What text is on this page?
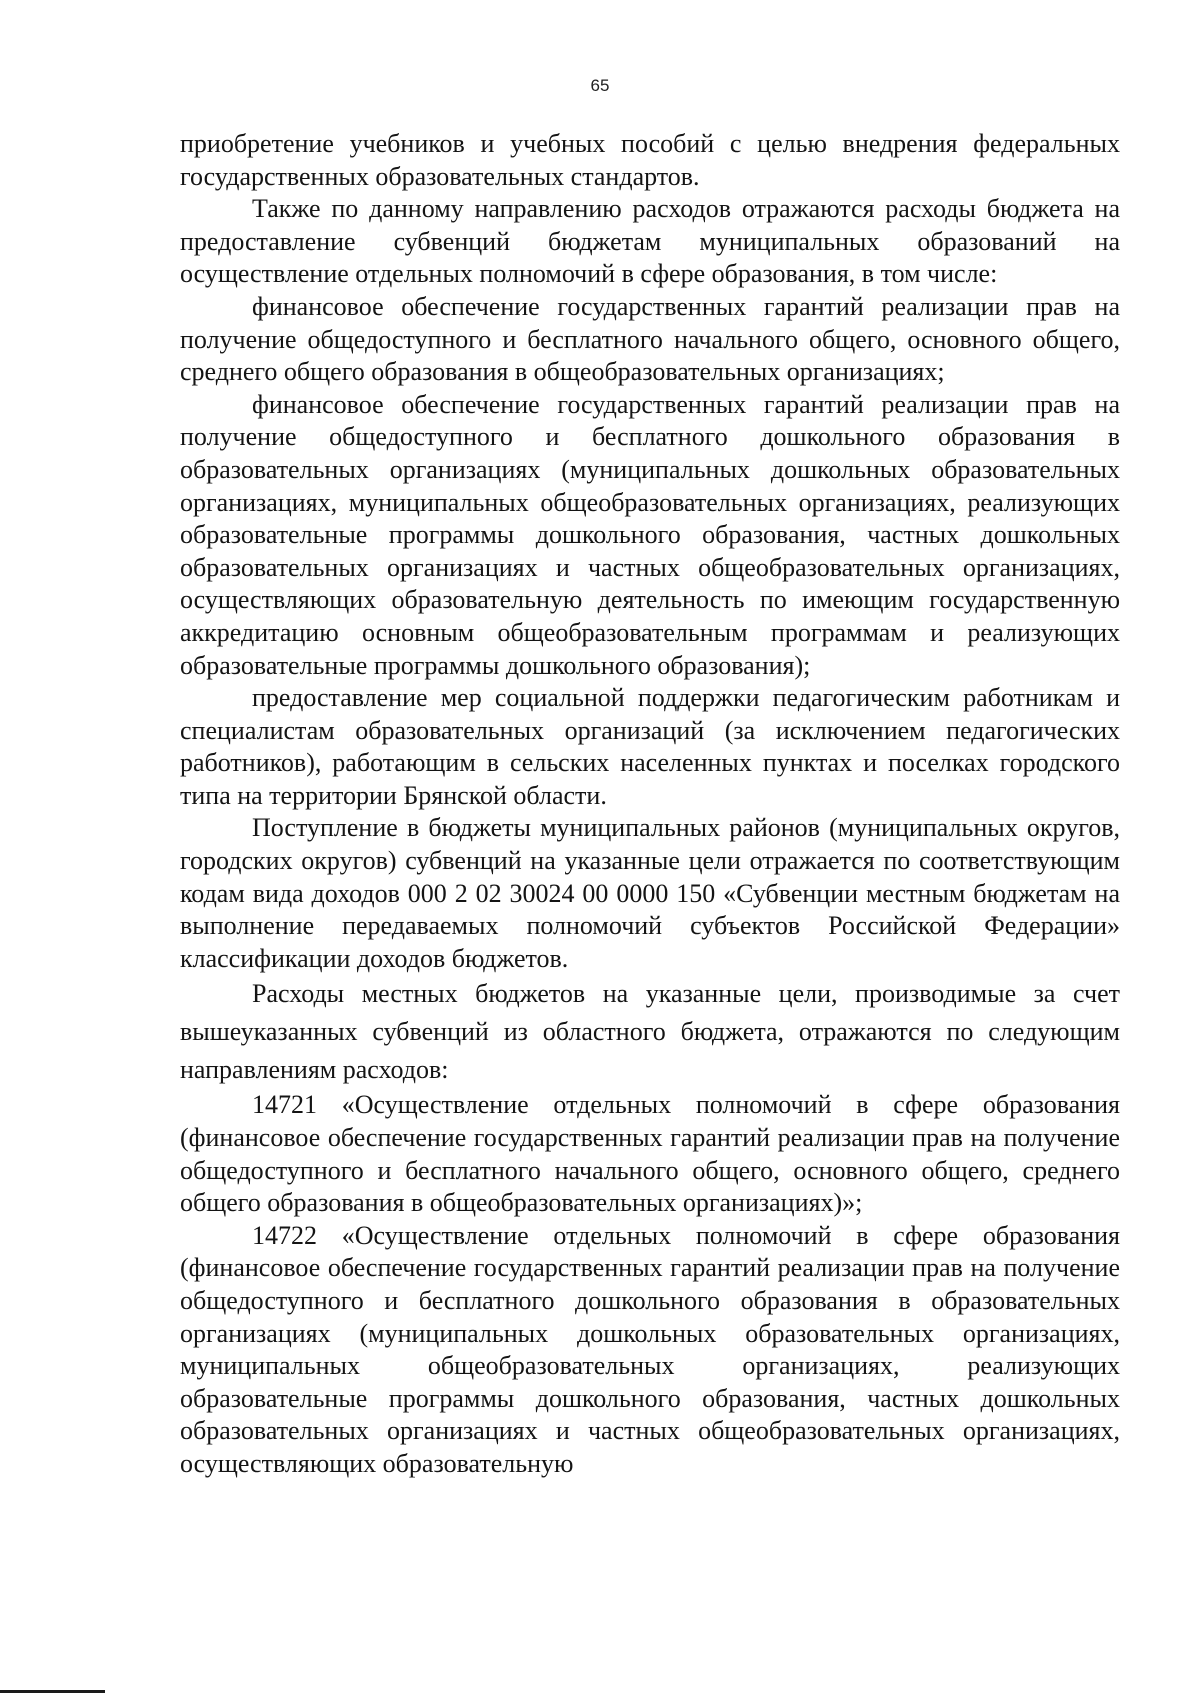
65

приобретение учебников и учебных пособий с целью внедрения федеральных государственных образовательных стандартов.

Также по данному направлению расходов отражаются расходы бюджета на предоставление субвенций бюджетам муниципальных образований на осуществление отдельных полномочий в сфере образования, в том числе:

финансовое обеспечение государственных гарантий реализации прав на получение общедоступного и бесплатного начального общего, основного общего, среднего общего образования в общеобразовательных организациях;

финансовое обеспечение государственных гарантий реализации прав на получение общедоступного и бесплатного дошкольного образования в образовательных организациях (муниципальных дошкольных образовательных организациях, муниципальных общеобразовательных организациях, реализующих образовательные программы дошкольного образования, частных дошкольных образовательных организациях и частных общеобразовательных организациях, осуществляющих образовательную деятельность по имеющим государственную аккредитацию основным общеобразовательным программам и реализующих образовательные программы дошкольного образования);

предоставление мер социальной поддержки педагогическим работникам и специалистам образовательных организаций (за исключением педагогических работников), работающим в сельских населенных пунктах и поселках городского типа на территории Брянской области.

Поступление в бюджеты муниципальных районов (муниципальных округов, городских округов) субвенций на указанные цели отражается по соответствующим кодам вида доходов 000 2 02 30024 00 0000 150 «Субвенции местным бюджетам на выполнение передаваемых полномочий субъектов Российской Федерации» классификации доходов бюджетов.

Расходы местных бюджетов на указанные цели, производимые за счет вышеуказанных субвенций из областного бюджета, отражаются по следующим направлениям расходов:

14721 «Осуществление отдельных полномочий в сфере образования (финансовое обеспечение государственных гарантий реализации прав на получение общедоступного и бесплатного начального общего, основного общего, среднего общего образования в общеобразовательных организациях)»;

14722 «Осуществление отдельных полномочий в сфере образования (финансовое обеспечение государственных гарантий реализации прав на получение общедоступного и бесплатного дошкольного образования в образовательных организациях (муниципальных дошкольных образовательных организациях, муниципальных общеобразовательных организациях, реализующих образовательные программы дошкольного образования, частных дошкольных образовательных организациях и частных общеобразовательных организациях, осуществляющих образовательную
